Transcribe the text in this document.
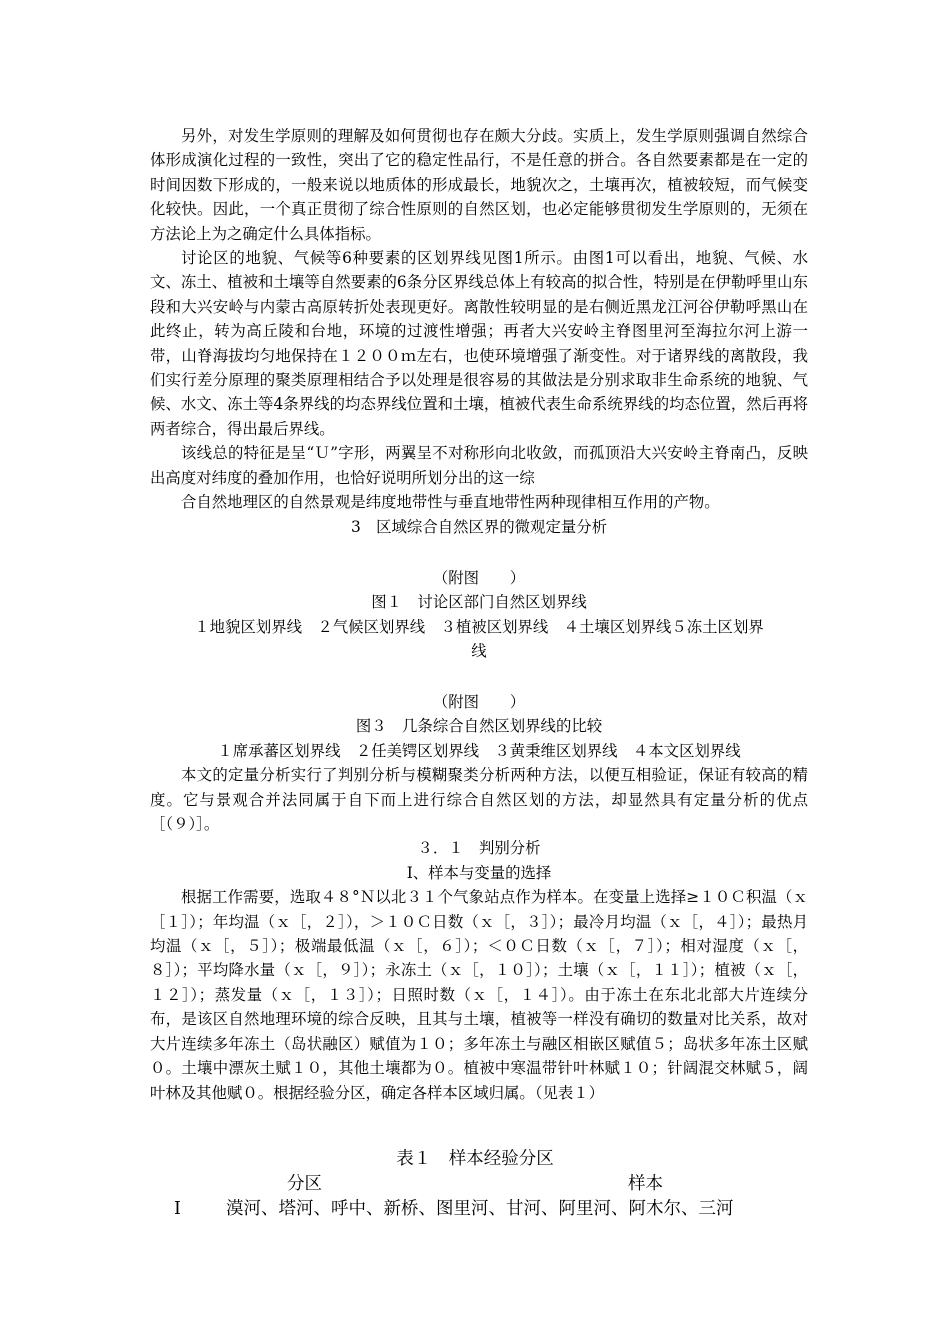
另外，对发生学原则的理解及如何贯彻也存在颇大分歧。实质上，发生学原则强调自然综合体形成演化过程的一致性，突出了它的稳定性品行，不是任意的拼合。各自然要素都是在一定的时间因数下形成的，一般来说以地质体的形成最长，地貌次之，土壤再次，植被较短，而气候变化较快。因此，一个真正贯彻了综合性原则的自然区划，也必定能够贯彻发生学原则的，无须在方法论上为之确定什么具体指标。

讨论区的地貌、气候等6种要素的区划界线见图1所示。由图1可以看出，地貌、气候、水文、冻土、植被和土壤等自然要素的6条分区界线总体上有较高的拟合性，特别是在伊勒呼里山东段和大兴安岭与内蒙古高原转折处表现更好。离散性较明显的是右侧近黑龙江河谷伊勒呼黑山在此终止，转为高丘陵和台地，环境的过渡性增强；再者大兴安岭主脊图里河至海拉尔河上游一带，山脊海拔均匀地保持在１２００ｍ左右，也使环境增强了渐变性。对于诸界线的离散段，我们实行差分原理的聚类原理相结合予以处理是很容易的其做法是分别求取非生命系统的地貌、气候、水文、冻土等4条界线的均态界线位置和土壤，植被代表生命系统界线的均态位置，然后再将两者综合，得出最后界线。

该线总的特征是呈“Ｕ”字形，两翼呈不对称形向北收敛，而孤顶沿大兴安岭主脊南凸，反映出高度对纬度的叠加作用，也恰好说明所划分出的这一综

合自然地理区的自然景观是纬度地带性与垂直地带性两种现律相互作用的产物。

3　区域综合自然区界的微观定量分析

（附图　　）

图１　讨论区部门自然区划界线

１地貌区划界线　２气候区划界线　３植被区划界线　４土壤区划界线５冻土区划界

线

（附图　　）

图３　几条综合自然区划界线的比较

１席承蕃区划界线　２任美锷区划界线　３黄秉维区划界线　４本文区划界线

本文的定量分析实行了判别分析与模糊聚类分析两种方法，以便互相验证，保证有较高的精度。它与景观合并法同属于自下而上进行综合自然区划的方法，却显然具有定量分析的优点［（９）］。

３．１　判别分析

Ⅰ、样本与变量的选择

根据工作需要，选取４８°Ｎ以北３１个气象站点作为样本。在变量上选择≥１０Ｃ积温（ｘ［１］）；年均温（ｘ［，２］），＞１０Ｃ日数（ｘ［，３］）；最冷月均温（ｘ［，４］）；最热月均温（ｘ［，５］）；极端最低温（ｘ［，６］）；＜０Ｃ日数（ｘ［，７］）；相对湿度（ｘ［，８］）；平均降水量（ｘ［，９］）；永冻土（ｘ［，１０］）；土壤（ｘ［，１１］）；植被（ｘ［，１２］）；蒸发量（ｘ［，１３］）；日照时数（ｘ［，１４］）。由于冻土在东北北部大片连续分布，是该区自然地理环境的综合反映，且其与土壤，植被等一样没有确切的数量对比关系，故对大片连续多年冻土（岛状融区）赋值为１０；多年冻土与融区相嵌区赋值５；岛状多年冻土区赋０。土壤中漂灰土赋１０，其他土壤都为０。植被中寒温带针叶林赋１０；针阔混交林赋５，阔叶林及其他赋０。根据经验分区，确定各样本区域归属。（见表１）

表１　样本经验分区
分区	样本
Ⅰ	漠河、塔河、呼中、新桥、图里河、甘河、阿里河、阿木尔、三河
